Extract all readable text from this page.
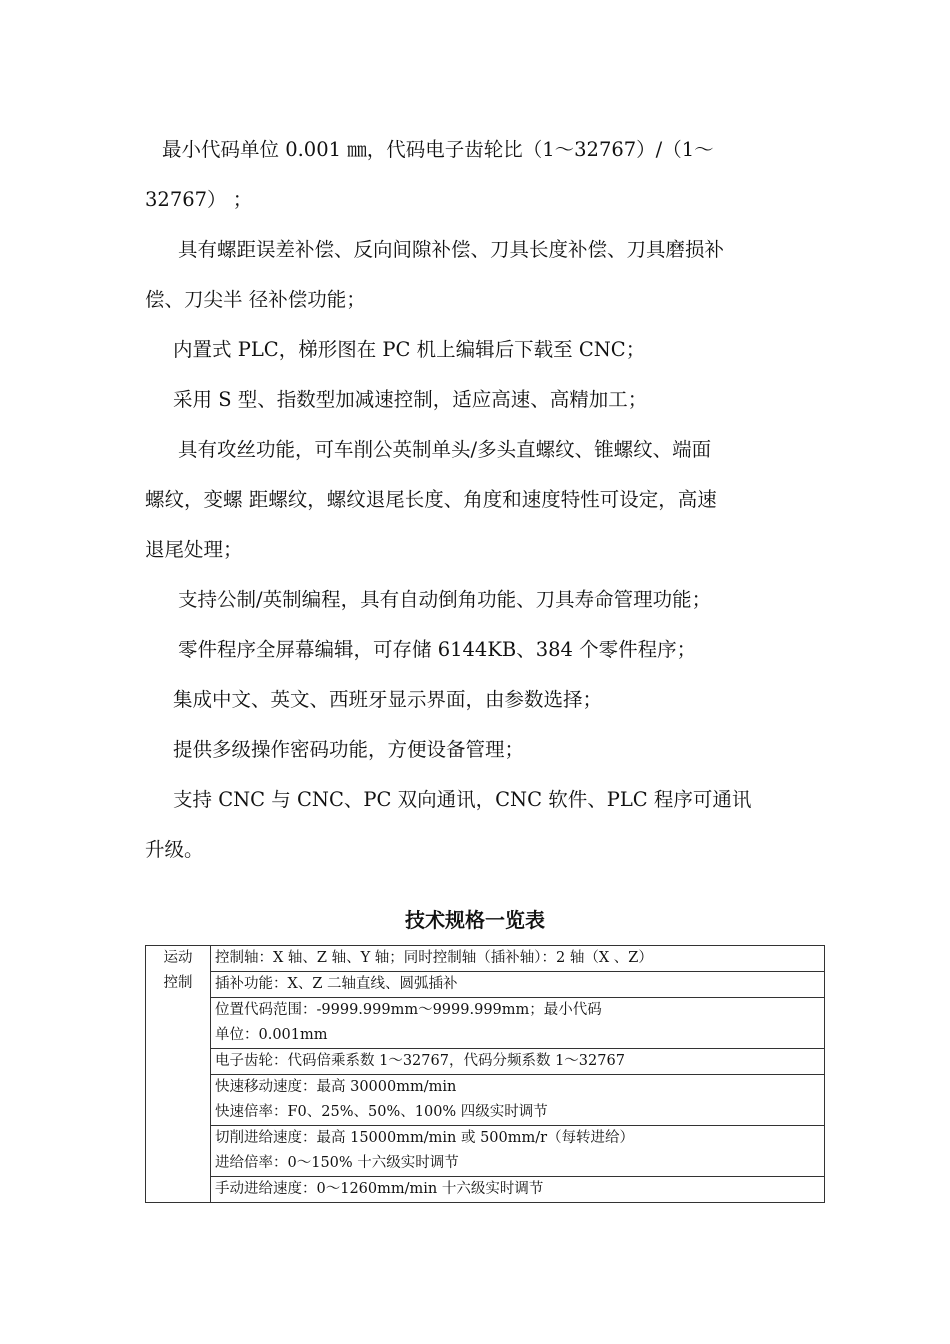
最小代码单位 0.001 ㎜，代码电子齿轮比（1～32767）/（1～

32767） ；

具有螺距误差补偿、反向间隙补偿、刀具长度补偿、刀具磨损补

偿、刀尖半 径补偿功能；

内置式 PLC，梯形图在 PC 机上编辑后下载至 CNC；

采用 S 型、指数型加减速控制，适应高速、高精加工；

具有攻丝功能，可车削公英制单头/多头直螺纹、锥螺纹、端面

螺纹，变螺 距螺纹，螺纹退尾长度、角度和速度特性可设定，高速

退尾处理；

支持公制/英制编程，具有自动倒角功能、刀具寿命管理功能；

零件程序全屏幕编辑，可存储 6144KB、384 个零件程序；

集成中文、英文、西班牙显示界面，由参数选择；

提供多级操作密码功能，方便设备管理；

支持 CNC 与 CNC、PC 双向通讯，CNC 软件、PLC 程序可通讯

升级。

技术规格一览表
运动
控制

控制轴：X 轴、Z 轴、Y 轴；同时控制轴（插补轴）：2 轴（X 、Z）

插补功能：X、Z 二轴直线、圆弧插补

位置代码范围：-9999.999mm～9999.999mm；最小代码
单位：0.001mm

电子齿轮：代码倍乘系数 1～32767，代码分频系数 1～32767

快速移动速度：最高 30000mm/min
快速倍率：F0、25%、50%、100% 四级实时调节

切削进给速度：最高 15000mm/min 或 500mm/r（每转进给）
进给倍率：0～150% 十六级实时调节

手动进给速度：0～1260mm/min 十六级实时调节
